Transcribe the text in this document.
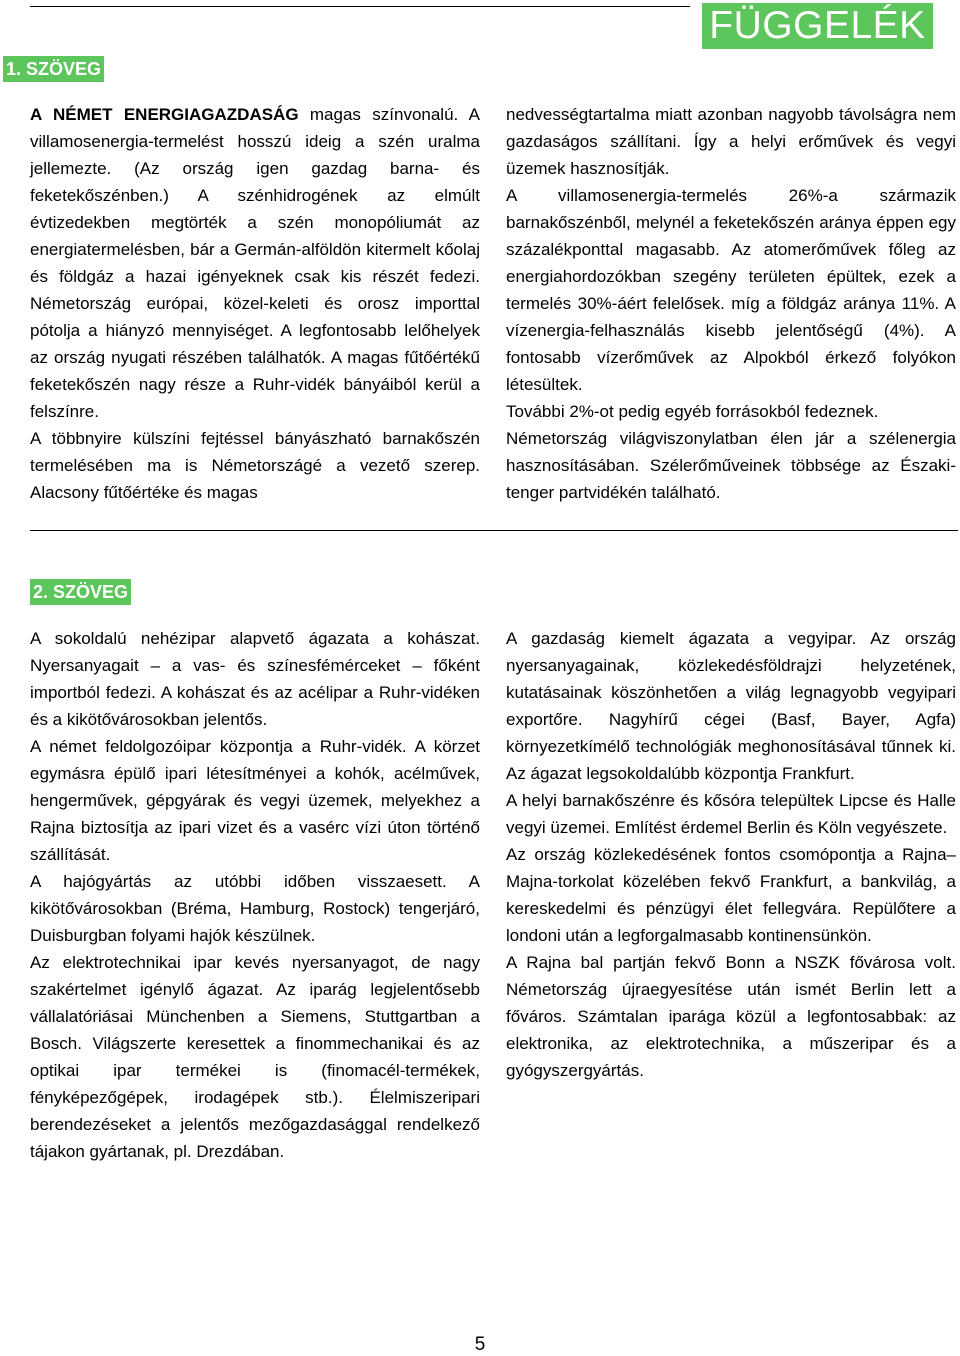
FÜGGELÉK
1. SZÖVEG

A NÉMET ENERGIAGAZDASÁG magas színvonalú. A villamosenergia-termelést hosszú ideig a szén uralma jellemezte. (Az ország igen gazdag barna- és feketekőszénben.) A szénhidrogének az elmúlt évtizedekben megtörték a szén monopóliumát az energiatermelésben, bár a Germán-alföldön kitermelt kőolaj és földgáz a hazai igényeknek csak kis részét fedezi. Németország európai, közel-keleti és orosz importtal pótolja a hiányzó mennyiséget. A legfontosabb lelőhelyek az ország nyugati részében találhatók. A magas fűtőértékű feketekőszén nagy része a Ruhr-vidék bányáiból kerül a felszínre.

A többnyire külszíni fejtéssel bányászható barnakőszén termelésében ma is Németországé a vezető szerep. Alacsony fűtőértéke és magas

nedvességtartalma miatt azonban nagyobb távolságra nem gazdaságos szállítani. Így a helyi erőművek és vegyi üzemek hasznosítják.

A villamosenergia-termelés 26%-a származik barnakőszénből, melynél a feketekőszén aránya éppen egy százalékponttal magasabb. Az atomerőművek főleg az energiahordozókban szegény területen épültek, ezek a termelés 30%-áért felelősek. míg a földgáz aránya 11%. A vízenergia-felhasználás kisebb jelentőségű (4%). A fontosabb vízerőművek az Alpokból érkező folyókon létesültek.

További 2%-ot pedig egyéb forrásokból fedeznek.

Németország világviszonylatban élen jár a szélenergia hasznosításában. Szélerőműveinek többsége az Északi-tenger partvidékén található.

2. SZÖVEG

A sokoldalú nehézipar alapvető ágazata a kohászat. Nyersanyagait – a vas- és színesfémérceket – főként importból fedezi. A kohászat és az acélipar a Ruhr-vidéken és a kikötővárosokban jelentős.

A német feldolgozóipar központja a Ruhr-vidék. A körzet egymásra épülő ipari létesítményei a kohók, acélművek, hengerművek, gépgyárak és vegyi üzemek, melyekhez a Rajna biztosítja az ipari vizet és a vasérc vízi úton történő szállítását.

A hajógyártás az utóbbi időben visszaesett. A kikötővárosokban (Bréma, Hamburg, Rostock) tengerjáró, Duisburgban folyami hajók készülnek.

Az elektrotechnikai ipar kevés nyersanyagot, de nagy szakértelmet igénylő ágazat. Az iparág legjelentősebb vállalatóriásai Münchenben a Siemens, Stuttgartban a Bosch. Világszerte keresettek a finommechanikai és az optikai ipar termékei is (finomacél-termékek, fényképezőgépek, irodagépek stb.). Élelmiszeripari berendezéseket a jelentős mezőgazdasággal rendelkező tájakon gyártanak, pl. Drezdában.

A gazdaság kiemelt ágazata a vegyipar. Az ország nyersanyagainak, közlekedésföldrajzi helyzetének, kutatásainak köszönhetően a világ legnagyobb vegyipari exportőre. Nagyhírű cégei (Basf, Bayer, Agfa) környezetkímélő technológiák meghonosításával tűnnek ki. Az ágazat legsokoldalúbb központja Frankfurt.

A helyi barnakőszénre és kősóra települtek Lipcse és Halle vegyi üzemei. Említést érdemel Berlin és Köln vegyészete.

Az ország közlekedésének fontos csomópontja a Rajna–Majna-torkolat közelében fekvő Frankfurt, a bankvilág, a kereskedelmi és pénzügyi élet fellegvára. Repülőtere a londoni után a legforgalmasabb kontinensünkön.

A Rajna bal partján fekvő Bonn a NSZK fővárosa volt. Németország újraegyesítése után ismét Berlin lett a főváros. Számtalan iparága közül a legfontosabbak: az elektronika, az elektrotechnika, a műszeripar és a gyógyszergyártás.

5
